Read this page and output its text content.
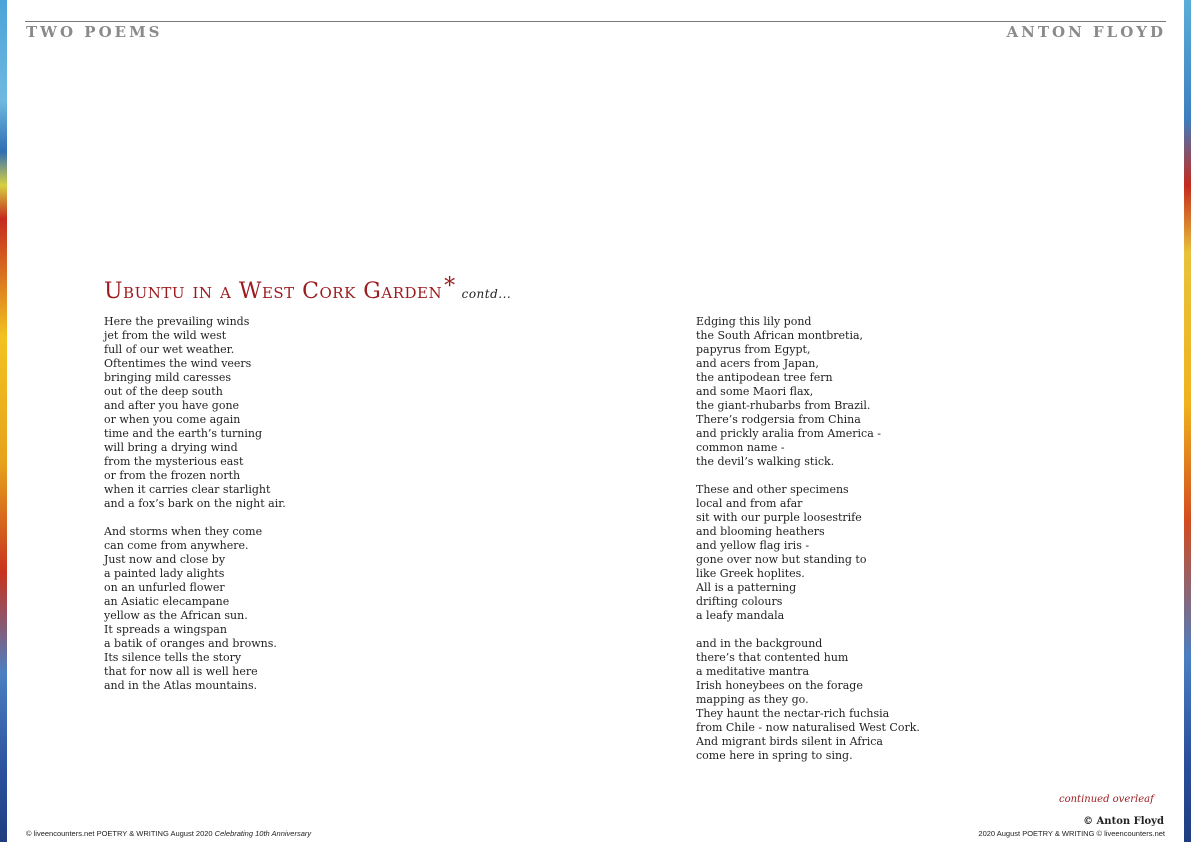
TWO POEMS	ANTON FLOYD
Ubuntu in a West Cork Garden* contd...
Here the prevailing winds
jet from the wild west
full of our wet weather.
Oftentimes the wind veers
bringing mild caresses
out of the deep south
and after you have gone
or when you come again
time and the earth’s turning
will bring a drying wind
from the mysterious east
or from the frozen north
when it carries clear starlight
and a fox’s bark on the night air.
And storms when they come
can come from anywhere.
Just now and close by
a painted lady alights
on an unfurled flower
an Asiatic elecampane
yellow as the African sun.
It spreads a wingspan
a batik of oranges and browns.
Its silence tells the story
that for now all is well here
and in the Atlas mountains.
Edging this lily pond
the South African montbretia,
papyrus from Egypt,
and acers from Japan,
the antipodean tree fern
and some Maori flax,
the giant-rhubarbs from Brazil.
There’s rodgersia from China
and prickly aralia from America -
common name -
the devil’s walking stick.
These and other specimens
local and from afar
sit with our purple loosestrife
and blooming heathers
and yellow flag iris -
gone over now but standing to
like Greek hoplites.
All is a patterning
drifting colours
a leafy mandala
and in the background
there’s that contented hum
a meditative mantra
Irish honeybees on the forage
mapping as they go.
They haunt the nectar-rich fuchsia
from Chile - now naturalised West Cork.
And migrant birds silent in Africa
come here in spring to sing.
continued overleaf
© Anton Floyd
© liveencounters.net POETRY & WRITING August 2020 Celebrating 10th Anniversary	2020 August POETRY & WRITING © liveencounters.net
